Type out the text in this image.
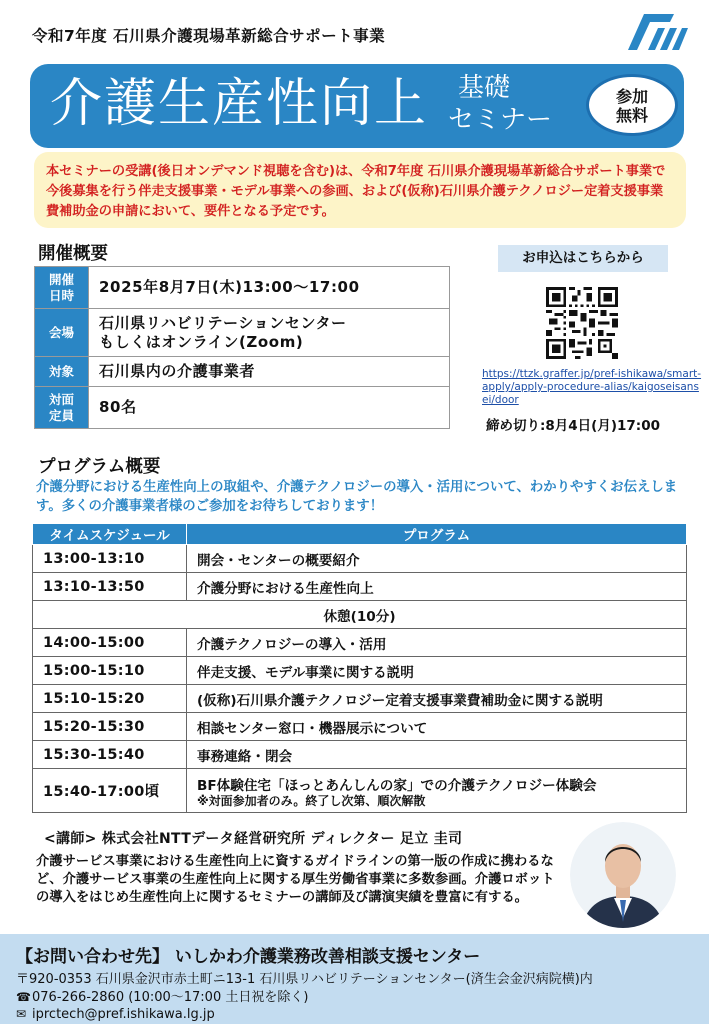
令和7年度 石川県介護現場革新総合サポート事業
介護生産性向上	基礎
セミナー
参加
無料
本セミナーの受講(後日オンデマンド視聴を含む)は、令和7年度 石川県介護現場革新総合サポート事業で今後募集を行う伴走支援事業・モデル事業への参画、および(仮称)石川県介護テクノロジー定着支援事業費補助金の申請において、要件となる予定です。
開催概要
開催
日時	2025年8月7日(木)13:00～17:00
会場	石川県リハビリテーションセンター
もしくはオンライン(Zoom)
対象	石川県内の介護事業者
対面
定員	80名
お申込はこちらから
https://ttzk.graffer.jp/pref-ishikawa/smart-apply/apply-procedure-alias/kaigoseisansei/door
締め切り:8月4日(月)17:00
プログラム概要
介護分野における生産性向上の取組や、介護テクノロジーの導入・活用について、わかりやすくお伝えします。多くの介護事業者様のご参加をお待ちしております！
タイムスケジュール	プログラム
13:00-13:10	開会・センターの概要紹介
13:10-13:50	介護分野における生産性向上
休憩(10分)	
14:00-15:00	介護テクノロジーの導入・活用
15:00-15:10	伴走支援、モデル事業に関する説明
15:10-15:20	(仮称)石川県介護テクノロジー定着支援事業費補助金に関する説明
15:20-15:30	相談センター窓口・機器展示について
15:30-15:40	事務連絡・閉会
15:40-17:00頃	BF体験住宅「ほっとあんしんの家」での介護テクノロジー体験会
※対面参加者のみ。終了し次第、順次解散
<講師> 株式会社NTTデータ経営研究所 ディレクター 足立 圭司
介護サービス事業における生産性向上に資するガイドラインの第一版の作成に携わるなど、介護サービス事業の生産性向上に関する厚生労働省事業に多数参画。介護ロボットの導入をはじめ生産性向上に関するセミナーの講師及び講演実績を豊富に有する。
【お問い合わせ先】 いしかわ介護業務改善相談支援センター
〒920-0353 石川県金沢市赤土町ニ13-1 石川県リハビリテーションセンター(済生会金沢病院横)内
☎076-266-2860 (10:00～17:00 土日祝を除く)
✉ iprctech@pref.ishikawa.lg.jp
